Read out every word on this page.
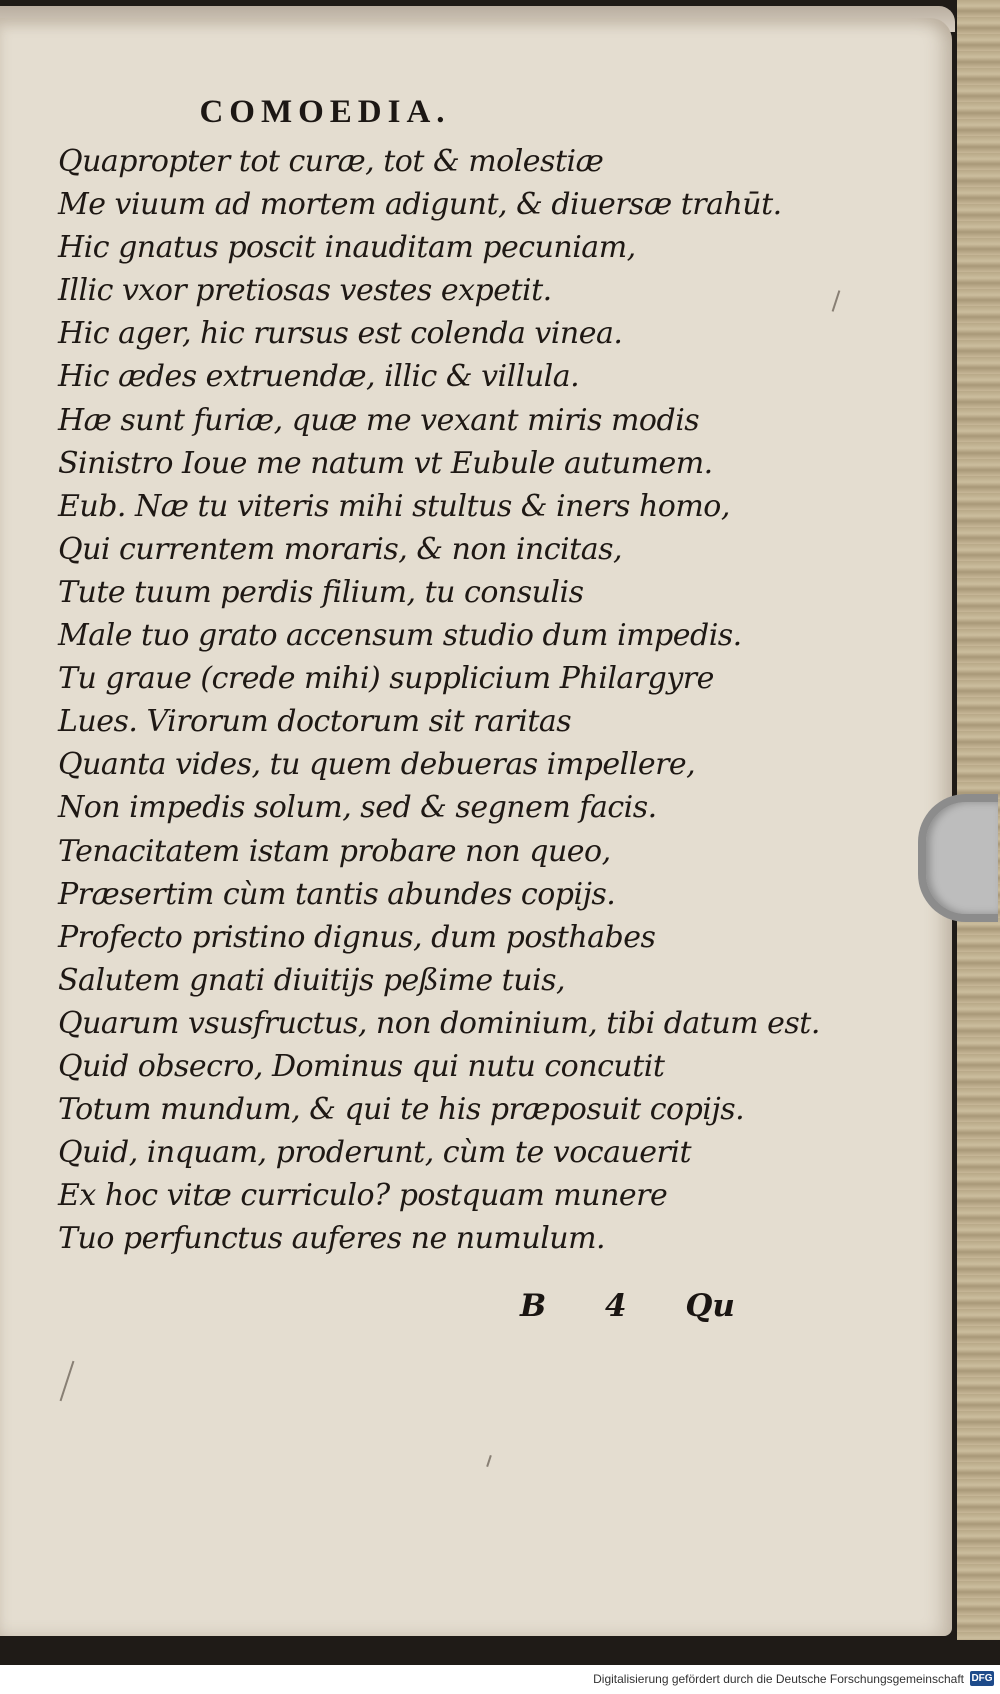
COMOEDIA.
Quapropter tot curæ, tot & molestiæ
Me viuum ad mortem adigunt, & diuersæ trahūt.
Hic gnatus poscit inauditam pecuniam,
Illic vxor pretiosas vestes expetit.
Hic ager, hic rursus est colenda vinea.
Hic ædes extruendæ, illic & villula.
Hæ sunt furiæ, quæ me vexant miris modis
Sinistro Ioue me natum vt Eubule autumem.
Eub. Næ tu viteris mihi stultus & iners homo,
Qui currentem moraris, & non incitas,
Tute tuum perdis filium, tu consulis
Male tuo grato accensum studio dum impedis.
Tu graue (crede mihi) supplicium Philargyre
Lues. Virorum doctorum sit raritas
Quanta vides, tu quem debueras impellere,
Non impedis solum, sed & segnem facis.
Tenacitatem istam probare non queo,
Præsertim cùm tantis abundes copijs.
Profecto pristino dignus, dum posthabes
Salutem gnati diuitijs peßime tuis,
Quarum vsusfructus, non dominium, tibi datum est.
Quid obsecro, Dominus qui nutu concutit
Totum mundum, & qui te his præposuit copijs.
Quid, inquam, proderunt, cùm te vocauerit
Ex hoc vitæ curriculo? postquam munere
Tuo perfunctus auferes ne numulum.
B 4 Qu
Digitalisierung gefördert durch die Deutsche Forschungsgemeinschaft DFG
